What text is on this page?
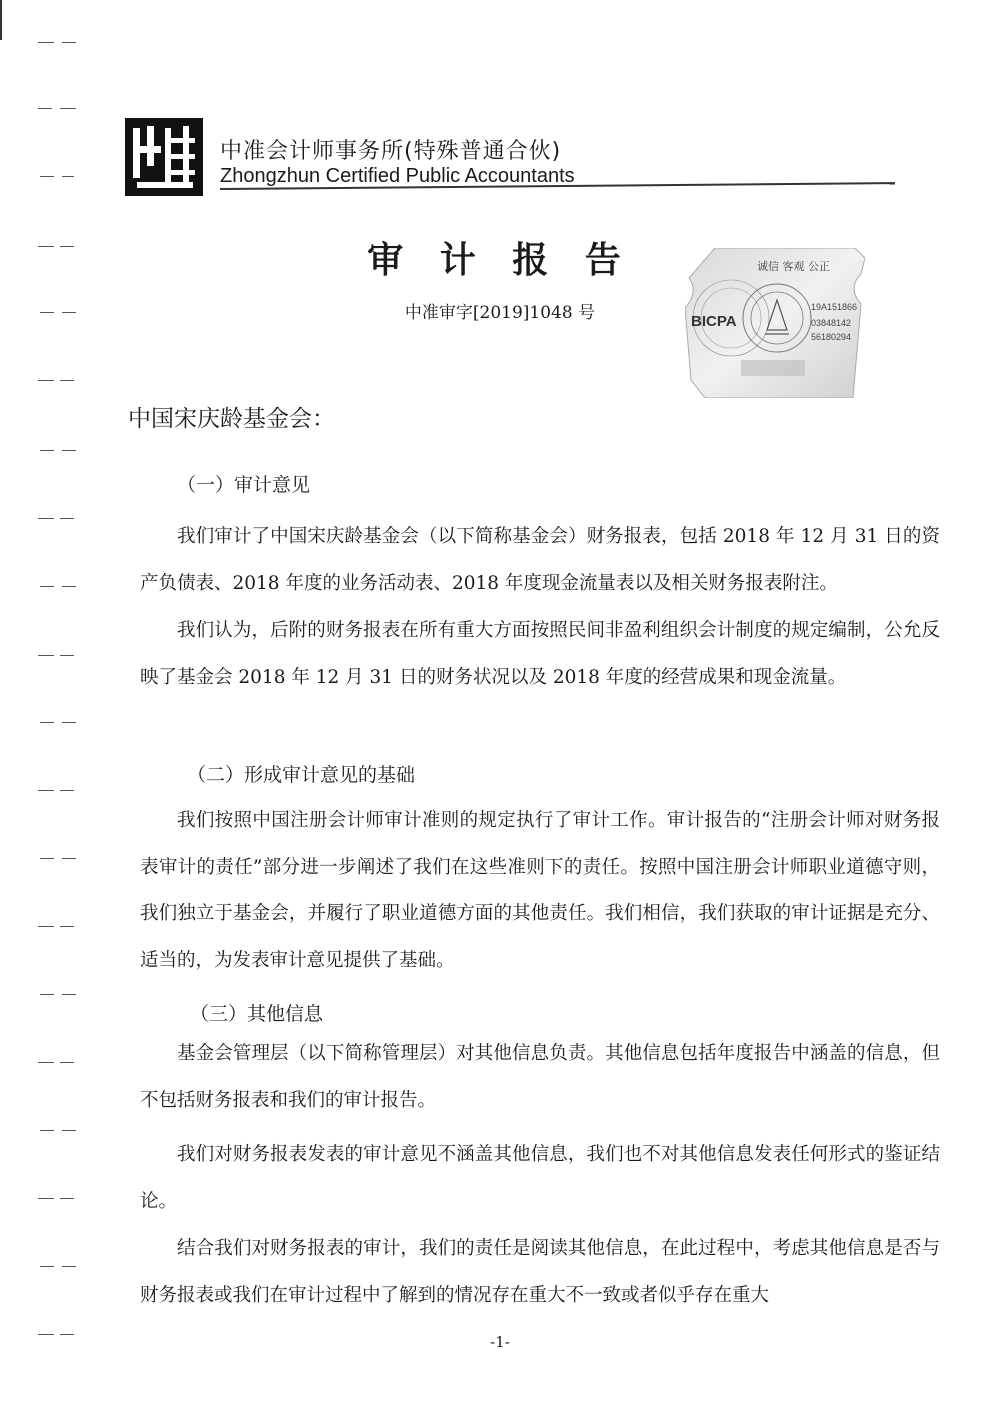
中准会计师事务所(特殊普通合伙)
Zhongzhun Certified Public Accountants
审 计 报 告
中准审字[2019]1048 号
诚信 客观 公正
BICPA
19A151866
03848142
56180294
中国宋庆龄基金会：
（一）审计意见

我们审计了中国宋庆龄基金会（以下简称基金会）财务报表，包括 2018 年 12 月 31 日的资产负债表、2018 年度的业务活动表、2018 年度现金流量表以及相关财务报表附注。

我们认为，后附的财务报表在所有重大方面按照民间非盈利组织会计制度的规定编制，公允反映了基金会 2018 年 12 月 31 日的财务状况以及 2018 年度的经营成果和现金流量。

（二）形成审计意见的基础

我们按照中国注册会计师审计准则的规定执行了审计工作。审计报告的“注册会计师对财务报表审计的责任”部分进一步阐述了我们在这些准则下的责任。按照中国注册会计师职业道德守则，我们独立于基金会，并履行了职业道德方面的其他责任。我们相信，我们获取的审计证据是充分、适当的，为发表审计意见提供了基础。

（三）其他信息

基金会管理层（以下简称管理层）对其他信息负责。其他信息包括年度报告中涵盖的信息，但不包括财务报表和我们的审计报告。

我们对财务报表发表的审计意见不涵盖其他信息，我们也不对其他信息发表任何形式的鉴证结论。

结合我们对财务报表的审计，我们的责任是阅读其他信息，在此过程中，考虑其他信息是否与财务报表或我们在审计过程中了解到的情况存在重大不一致或者似乎存在重大

-1-
